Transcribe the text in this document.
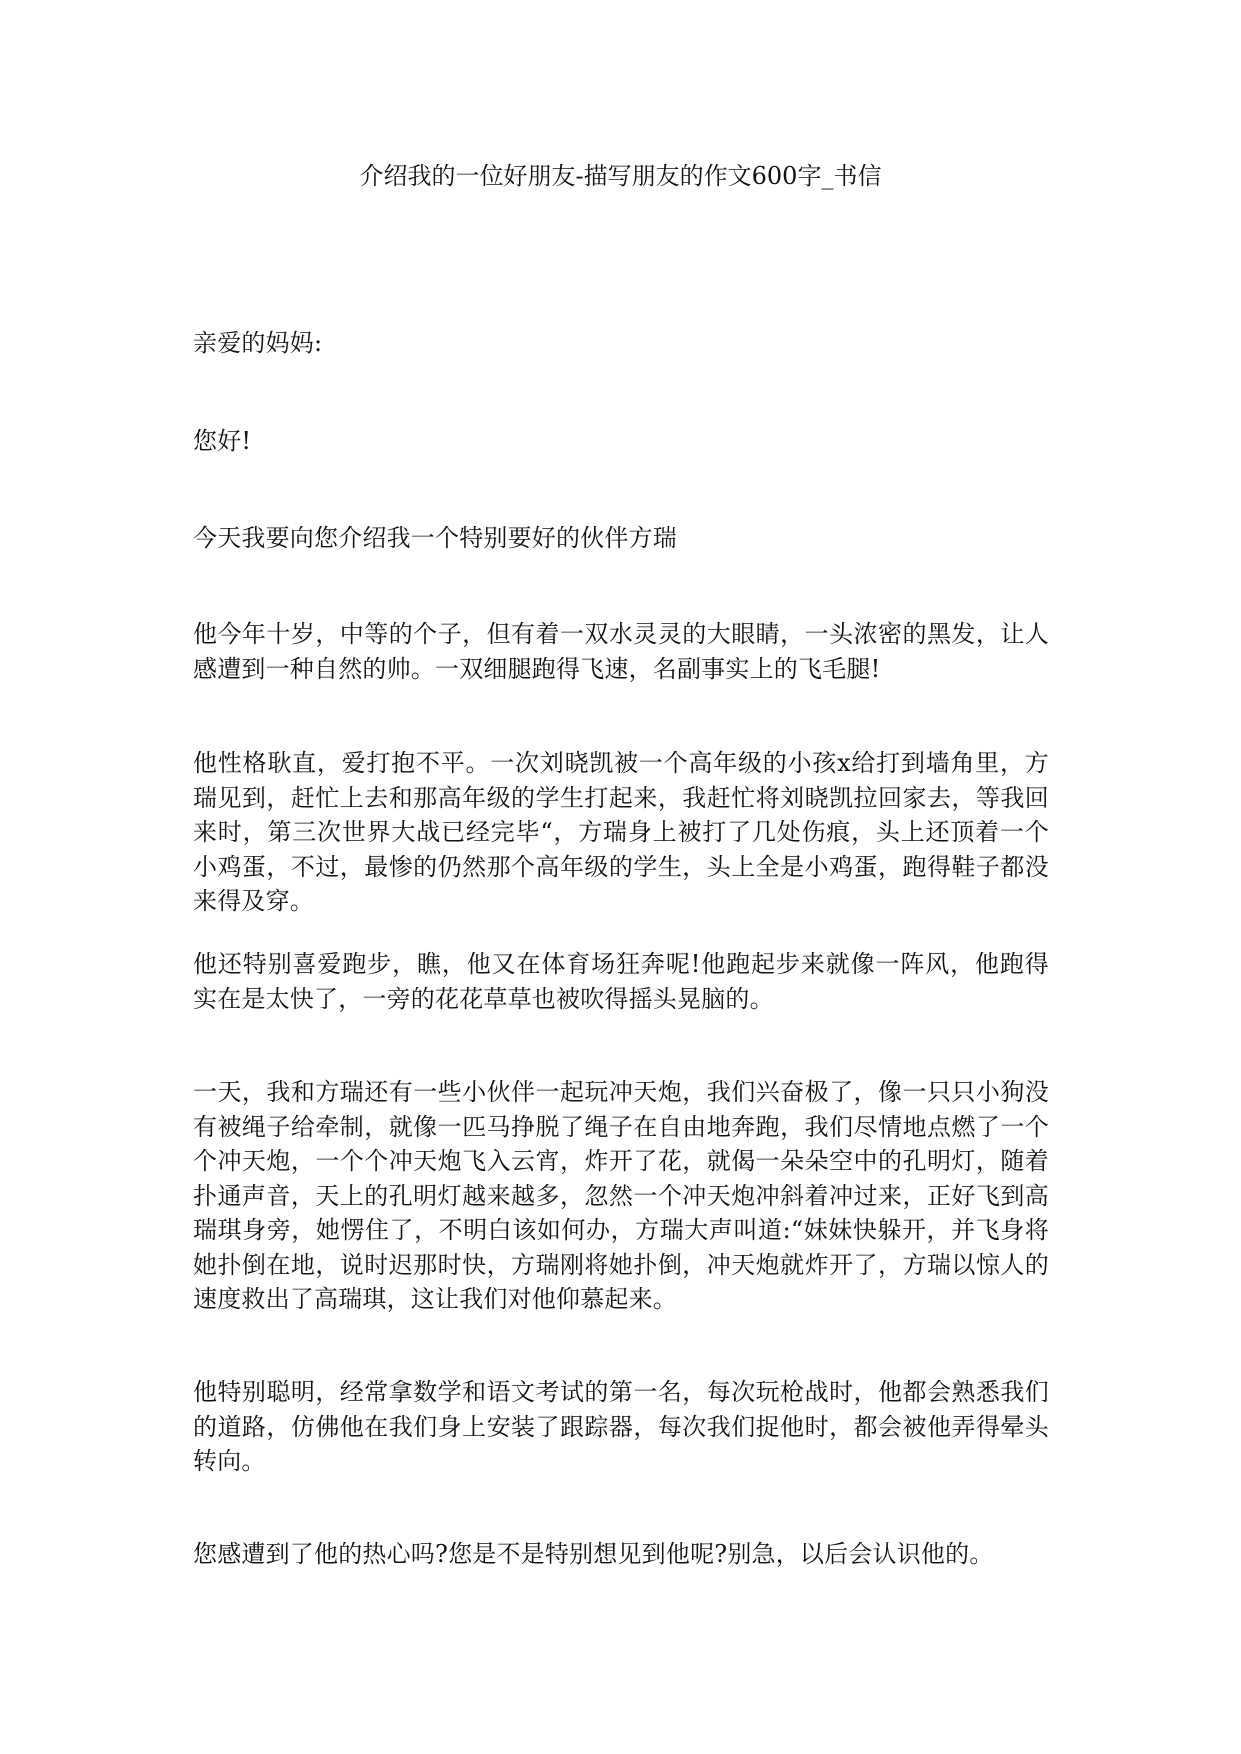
介绍我的一位好朋友-描写朋友的作文600字_书信

亲爱的妈妈:

您好!

今天我要向您介绍我一个特别要好的伙伴方瑞

他今年十岁，中等的个子，但有着一双水灵灵的大眼睛，一头浓密的黑发，让人感遭到一种自然的帅。一双细腿跑得飞速，名副事实上的飞毛腿!

他性格耿直，爱打抱不平。一次刘晓凯被一个高年级的小孩x给打到墙角里，方瑞见到，赶忙上去和那高年级的学生打起来，我赶忙将刘晓凯拉回家去，等我回来时，第三次世界大战已经完毕“，方瑞身上被打了几处伤痕，头上还顶着一个小鸡蛋，不过，最惨的仍然那个高年级的学生，头上全是小鸡蛋，跑得鞋子都没来得及穿。

他还特别喜爱跑步，瞧，他又在体育场狂奔呢!他跑起步来就像一阵风，他跑得实在是太快了，一旁的花花草草也被吹得摇头晃脑的。

一天，我和方瑞还有一些小伙伴一起玩冲天炮，我们兴奋极了，像一只只小狗没有被绳子给牵制，就像一匹马挣脱了绳子在自由地奔跑，我们尽情地点燃了一个个冲天炮，一个个冲天炮飞入云宵，炸开了花，就偈一朵朵空中的孔明灯，随着扑通声音，天上的孔明灯越来越多，忽然一个冲天炮冲斜着冲过来，正好飞到高瑞琪身旁，她愣住了，不明白该如何办，方瑞大声叫道:“妹妹快躲开，并飞身将她扑倒在地，说时迟那时快，方瑞刚将她扑倒，冲天炮就炸开了，方瑞以惊人的速度救出了高瑞琪，这让我们对他仰慕起来。

他特别聪明，经常拿数学和语文考试的第一名，每次玩枪战时，他都会熟悉我们的道路，仿佛他在我们身上安装了跟踪器，每次我们捉他时，都会被他弄得晕头转向。

您感遭到了他的热心吗?您是不是特别想见到他呢?别急，以后会认识他的。
